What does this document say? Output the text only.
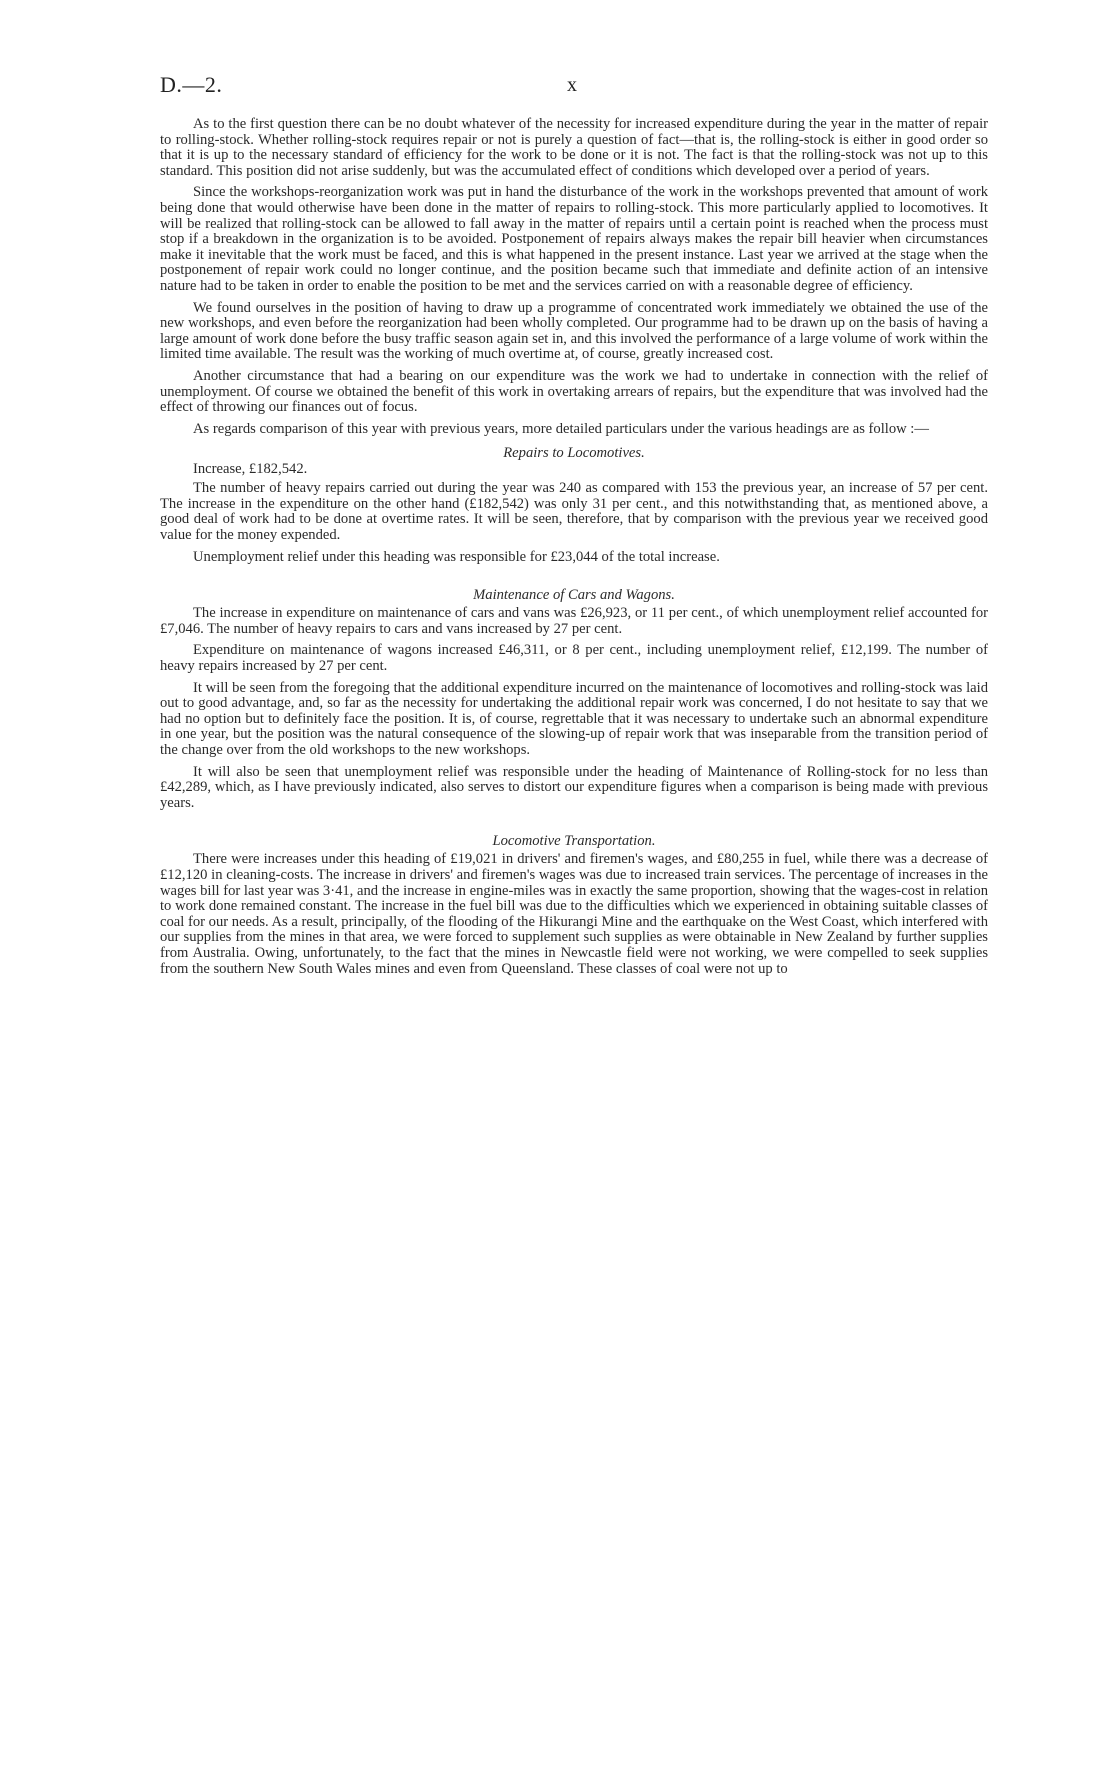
D.—2.	x

As to the first question there can be no doubt whatever of the necessity for increased expenditure during the year in the matter of repair to rolling-stock. Whether rolling-stock requires repair or not is purely a question of fact—that is, the rolling-stock is either in good order so that it is up to the necessary standard of efficiency for the work to be done or it is not. The fact is that the rolling-stock was not up to this standard. This position did not arise suddenly, but was the accumulated effect of conditions which developed over a period of years.

Since the workshops-reorganization work was put in hand the disturbance of the work in the workshops prevented that amount of work being done that would otherwise have been done in the matter of repairs to rolling-stock. This more particularly applied to locomotives. It will be realized that rolling-stock can be allowed to fall away in the matter of repairs until a certain point is reached when the process must stop if a breakdown in the organization is to be avoided. Postponement of repairs always makes the repair bill heavier when circumstances make it inevitable that the work must be faced, and this is what happened in the present instance. Last year we arrived at the stage when the postponement of repair work could no longer continue, and the position became such that immediate and definite action of an intensive nature had to be taken in order to enable the position to be met and the services carried on with a reasonable degree of efficiency.

We found ourselves in the position of having to draw up a programme of concentrated work immediately we obtained the use of the new workshops, and even before the reorganization had been wholly completed. Our programme had to be drawn up on the basis of having a large amount of work done before the busy traffic season again set in, and this involved the performance of a large volume of work within the limited time available. The result was the working of much overtime at, of course, greatly increased cost.

Another circumstance that had a bearing on our expenditure was the work we had to undertake in connection with the relief of unemployment. Of course we obtained the benefit of this work in overtaking arrears of repairs, but the expenditure that was involved had the effect of throwing our finances out of focus.

As regards comparison of this year with previous years, more detailed particulars under the various headings are as follow :—

Repairs to Locomotives.
Increase, £182,542.

The number of heavy repairs carried out during the year was 240 as compared with 153 the previous year, an increase of 57 per cent. The increase in the expenditure on the other hand (£182,542) was only 31 per cent., and this notwithstanding that, as mentioned above, a good deal of work had to be done at overtime rates. It will be seen, therefore, that by comparison with the previous year we received good value for the money expended.

Unemployment relief under this heading was responsible for £23,044 of the total increase.

Maintenance of Cars and Wagons.

The increase in expenditure on maintenance of cars and vans was £26,923, or 11 per cent., of which unemployment relief accounted for £7,046. The number of heavy repairs to cars and vans increased by 27 per cent.

Expenditure on maintenance of wagons increased £46,311, or 8 per cent., including unemployment relief, £12,199. The number of heavy repairs increased by 27 per cent.

It will be seen from the foregoing that the additional expenditure incurred on the maintenance of locomotives and rolling-stock was laid out to good advantage, and, so far as the necessity for undertaking the additional repair work was concerned, I do not hesitate to say that we had no option but to definitely face the position. It is, of course, regrettable that it was necessary to undertake such an abnormal expenditure in one year, but the position was the natural consequence of the slowing-up of repair work that was inseparable from the transition period of the change over from the old workshops to the new workshops.

It will also be seen that unemployment relief was responsible under the heading of Maintenance of Rolling-stock for no less than £42,289, which, as I have previously indicated, also serves to distort our expenditure figures when a comparison is being made with previous years.

Locomotive Transportation.

There were increases under this heading of £19,021 in drivers' and firemen's wages, and £80,255 in fuel, while there was a decrease of £12,120 in cleaning-costs. The increase in drivers' and firemen's wages was due to increased train services. The percentage of increases in the wages bill for last year was 3·41, and the increase in engine-miles was in exactly the same proportion, showing that the wages-cost in relation to work done remained constant. The increase in the fuel bill was due to the difficulties which we experienced in obtaining suitable classes of coal for our needs. As a result, principally, of the flooding of the Hikurangi Mine and the earthquake on the West Coast, which interfered with our supplies from the mines in that area, we were forced to supplement such supplies as were obtainable in New Zealand by further supplies from Australia. Owing, unfortunately, to the fact that the mines in Newcastle field were not working, we were compelled to seek supplies from the southern New South Wales mines and even from Queensland. These classes of coal were not up to
